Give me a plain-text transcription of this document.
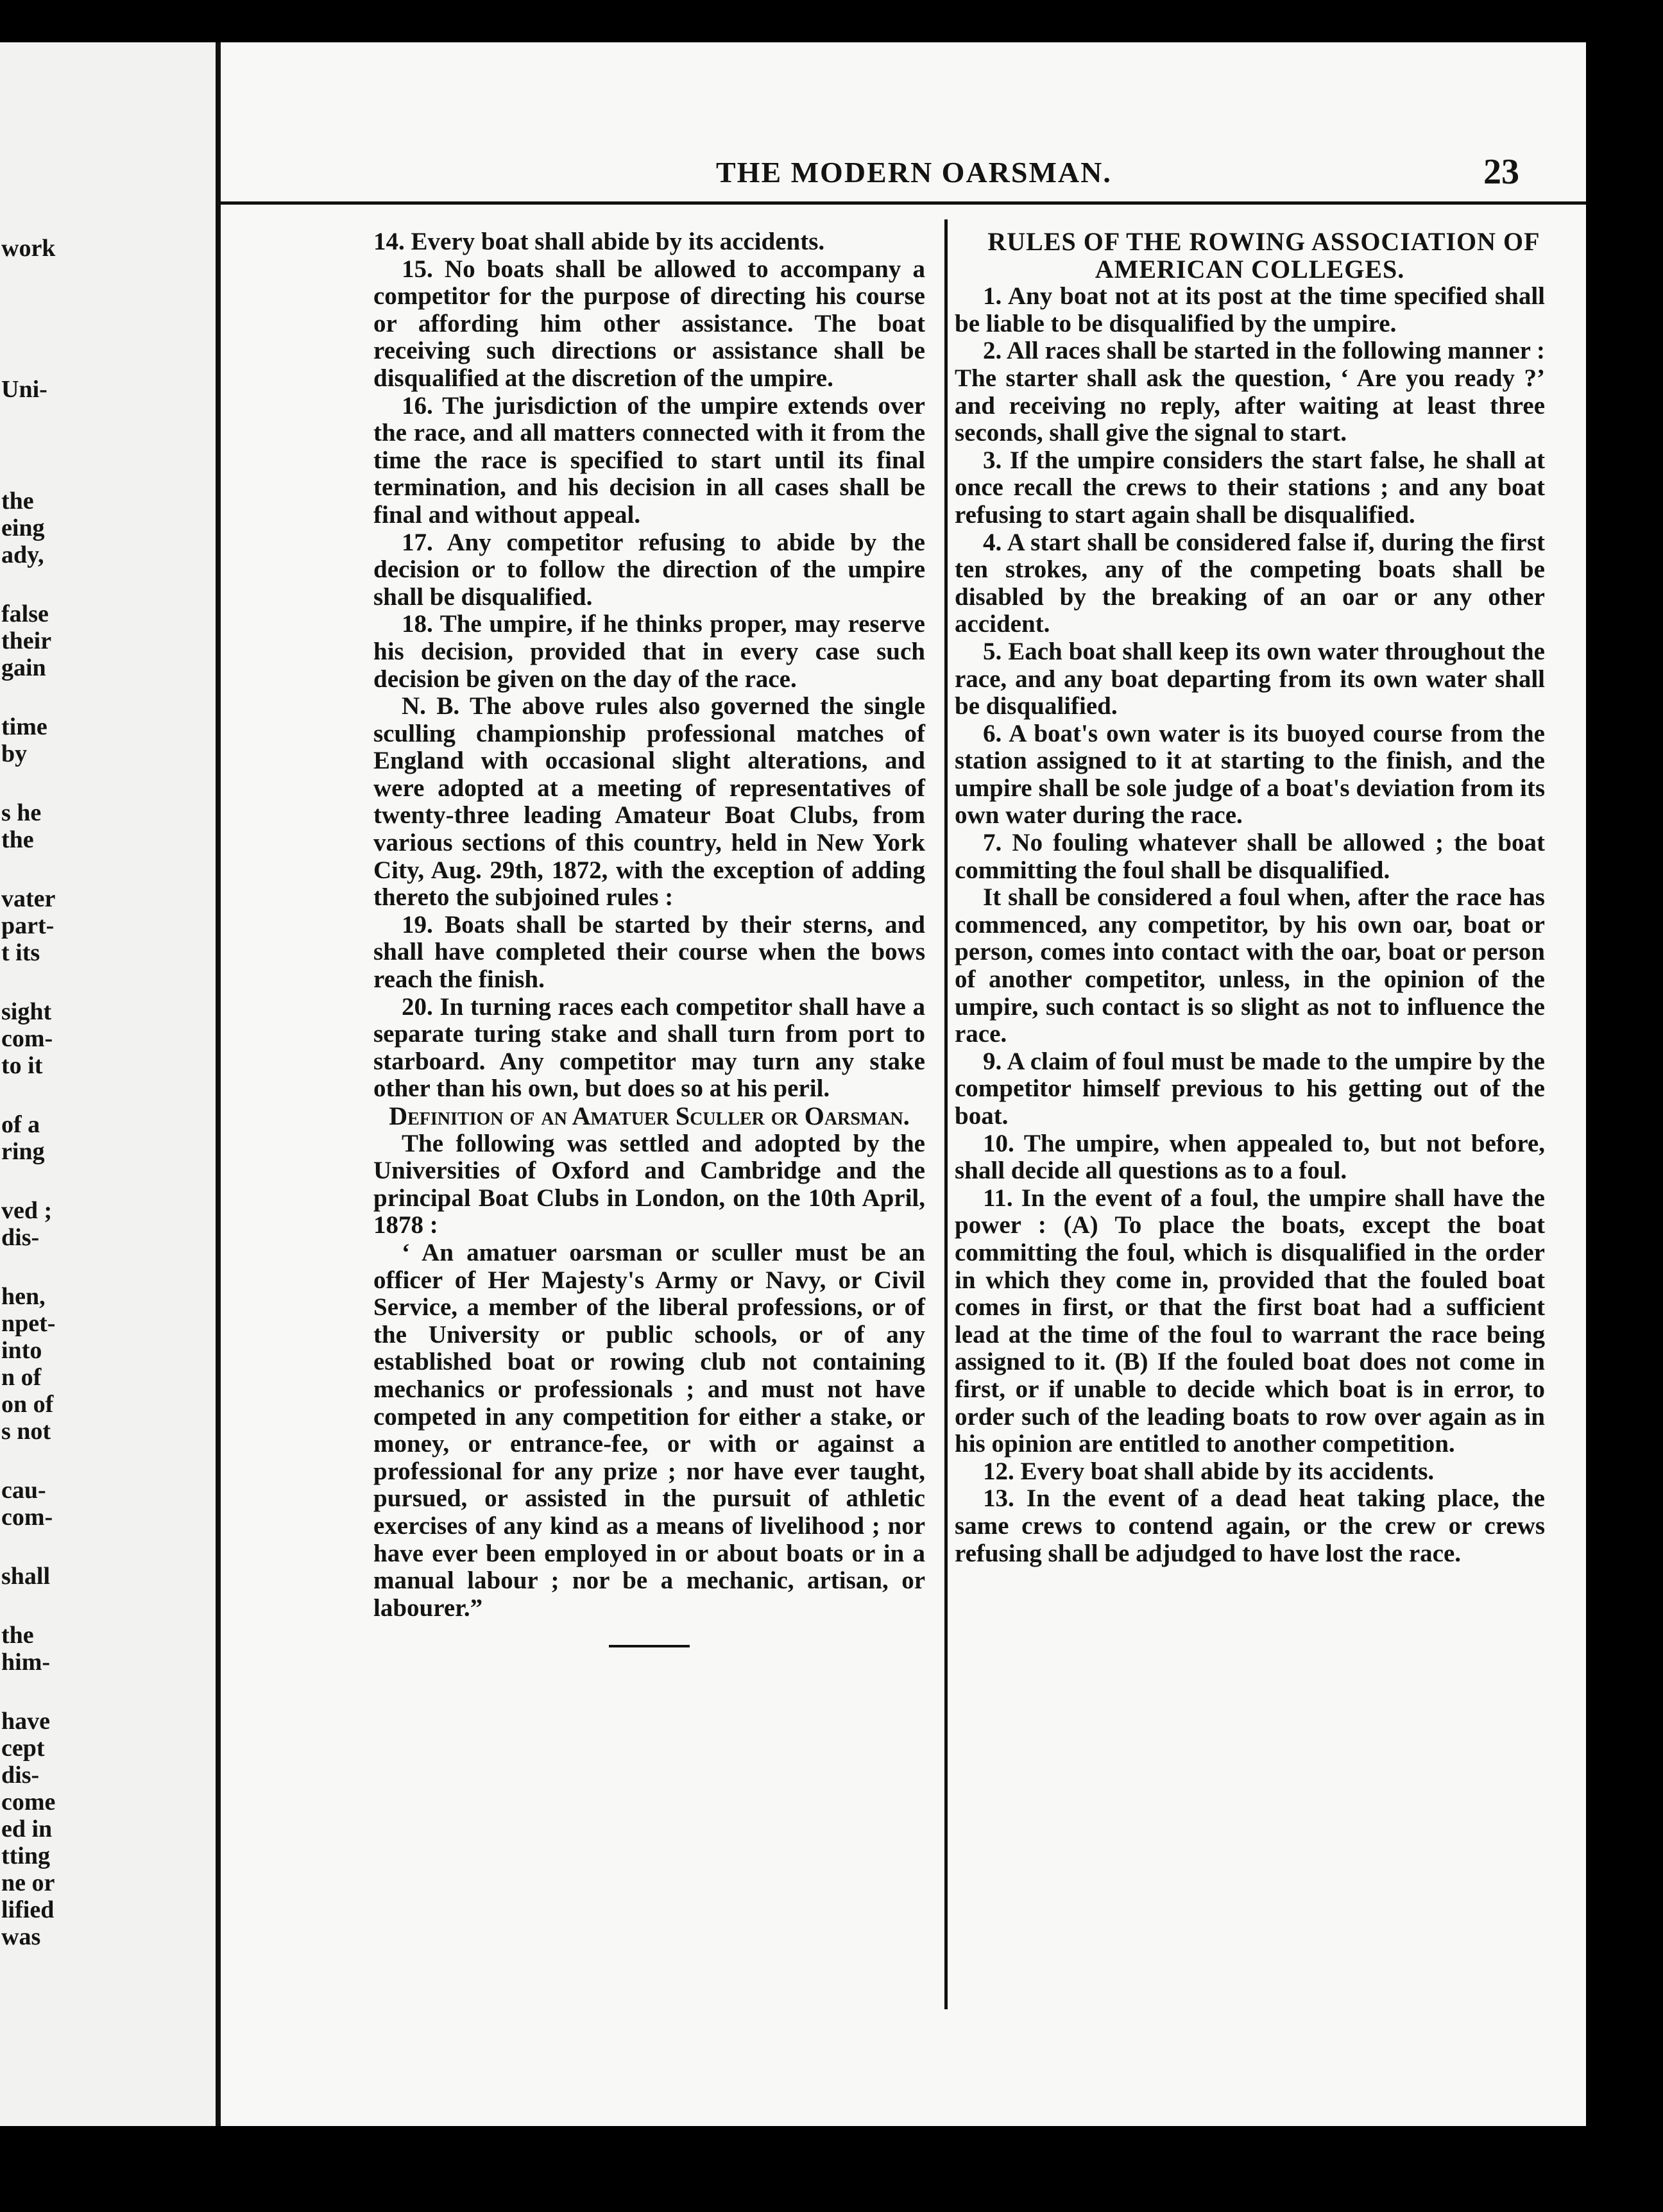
work
Uni-
the
eing
ady,
false
their
gain
time
by
s he
the
vater
part-
t its
sight
com-
to it
of a
ring
ved ;
dis-
hen,
npet-
into
n of
on of
s not
cau-
com-
shall
the
him-
have
cept
dis-
come
ed in
tting
ne or
lified
was
THE MODERN OARSMAN.	23

14. Every boat shall abide by its accidents.

15. No boats shall be allowed to accompany a competitor for the purpose of directing his course or affording him other assistance. The boat receiving such directions or assistance shall be disqualified at the discretion of the umpire.

16. The jurisdiction of the umpire extends over the race, and all matters connected with it from the time the race is specified to start until its final termination, and his decision in all cases shall be final and without appeal.

17. Any competitor refusing to abide by the decision or to follow the direction of the umpire shall be disqualified.

18. The umpire, if he thinks proper, may reserve his decision, provided that in every case such decision be given on the day of the race.

N. B. The above rules also governed the single sculling championship professional matches of England with occasional slight alterations, and were adopted at a meeting of representatives of twenty-three leading Amateur Boat Clubs, from various sections of this country, held in New York City, Aug. 29th, 1872, with the exception of adding thereto the subjoined rules :

19. Boats shall be started by their sterns, and shall have completed their course when the bows reach the finish.

20. In turning races each competitor shall have a separate turing stake and shall turn from port to starboard. Any competitor may turn any stake other than his own, but does so at his peril.

Definition of an Amatuer Sculler or Oarsman.

The following was settled and adopted by the Universities of Oxford and Cambridge and the principal Boat Clubs in London, on the 10th April, 1878 :

‘ An amatuer oarsman or sculler must be an officer of Her Majesty's Army or Navy, or Civil Service, a member of the liberal professions, or of the University or public schools, or of any established boat or rowing club not containing mechanics or professionals ; and must not have competed in any competition for either a stake, or money, or entrance-fee, or with or against a professional for any prize ; nor have ever taught, pursued, or assisted in the pursuit of athletic exercises of any kind as a means of livelihood ; nor have ever been employed in or about boats or in a manual labour ; nor be a mechanic, artisan, or labourer.”

RULES OF THE ROWING ASSOCIATION OF AMERICAN COLLEGES.

1. Any boat not at its post at the time specified shall be liable to be disqualified by the umpire.

2. All races shall be started in the following manner : The starter shall ask the question, ‘ Are you ready ?’ and receiving no reply, after waiting at least three seconds, shall give the signal to start.

3. If the umpire considers the start false, he shall at once recall the crews to their stations ; and any boat refusing to start again shall be disqualified.

4. A start shall be considered false if, during the first ten strokes, any of the competing boats shall be disabled by the breaking of an oar or any other accident.

5. Each boat shall keep its own water throughout the race, and any boat departing from its own water shall be disqualified.

6. A boat's own water is its buoyed course from the station assigned to it at starting to the finish, and the umpire shall be sole judge of a boat's deviation from its own water during the race.

7. No fouling whatever shall be allowed ; the boat committing the foul shall be disqualified.

It shall be considered a foul when, after the race has commenced, any competitor, by his own oar, boat or person, comes into contact with the oar, boat or person of another competitor, unless, in the opinion of the umpire, such contact is so slight as not to influence the race.

9. A claim of foul must be made to the umpire by the competitor himself previous to his getting out of the boat.

10. The umpire, when appealed to, but not before, shall decide all questions as to a foul.

11. In the event of a foul, the umpire shall have the power : (A) To place the boats, except the boat committing the foul, which is disqualified in the order in which they come in, provided that the fouled boat comes in first, or that the first boat had a sufficient lead at the time of the foul to warrant the race being assigned to it. (B) If the fouled boat does not come in first, or if unable to decide which boat is in error, to order such of the leading boats to row over again as in his opinion are entitled to another competition.

12. Every boat shall abide by its accidents.

13. In the event of a dead heat taking place, the same crews to contend again, or the crew or crews refusing shall be adjudged to have lost the race.
